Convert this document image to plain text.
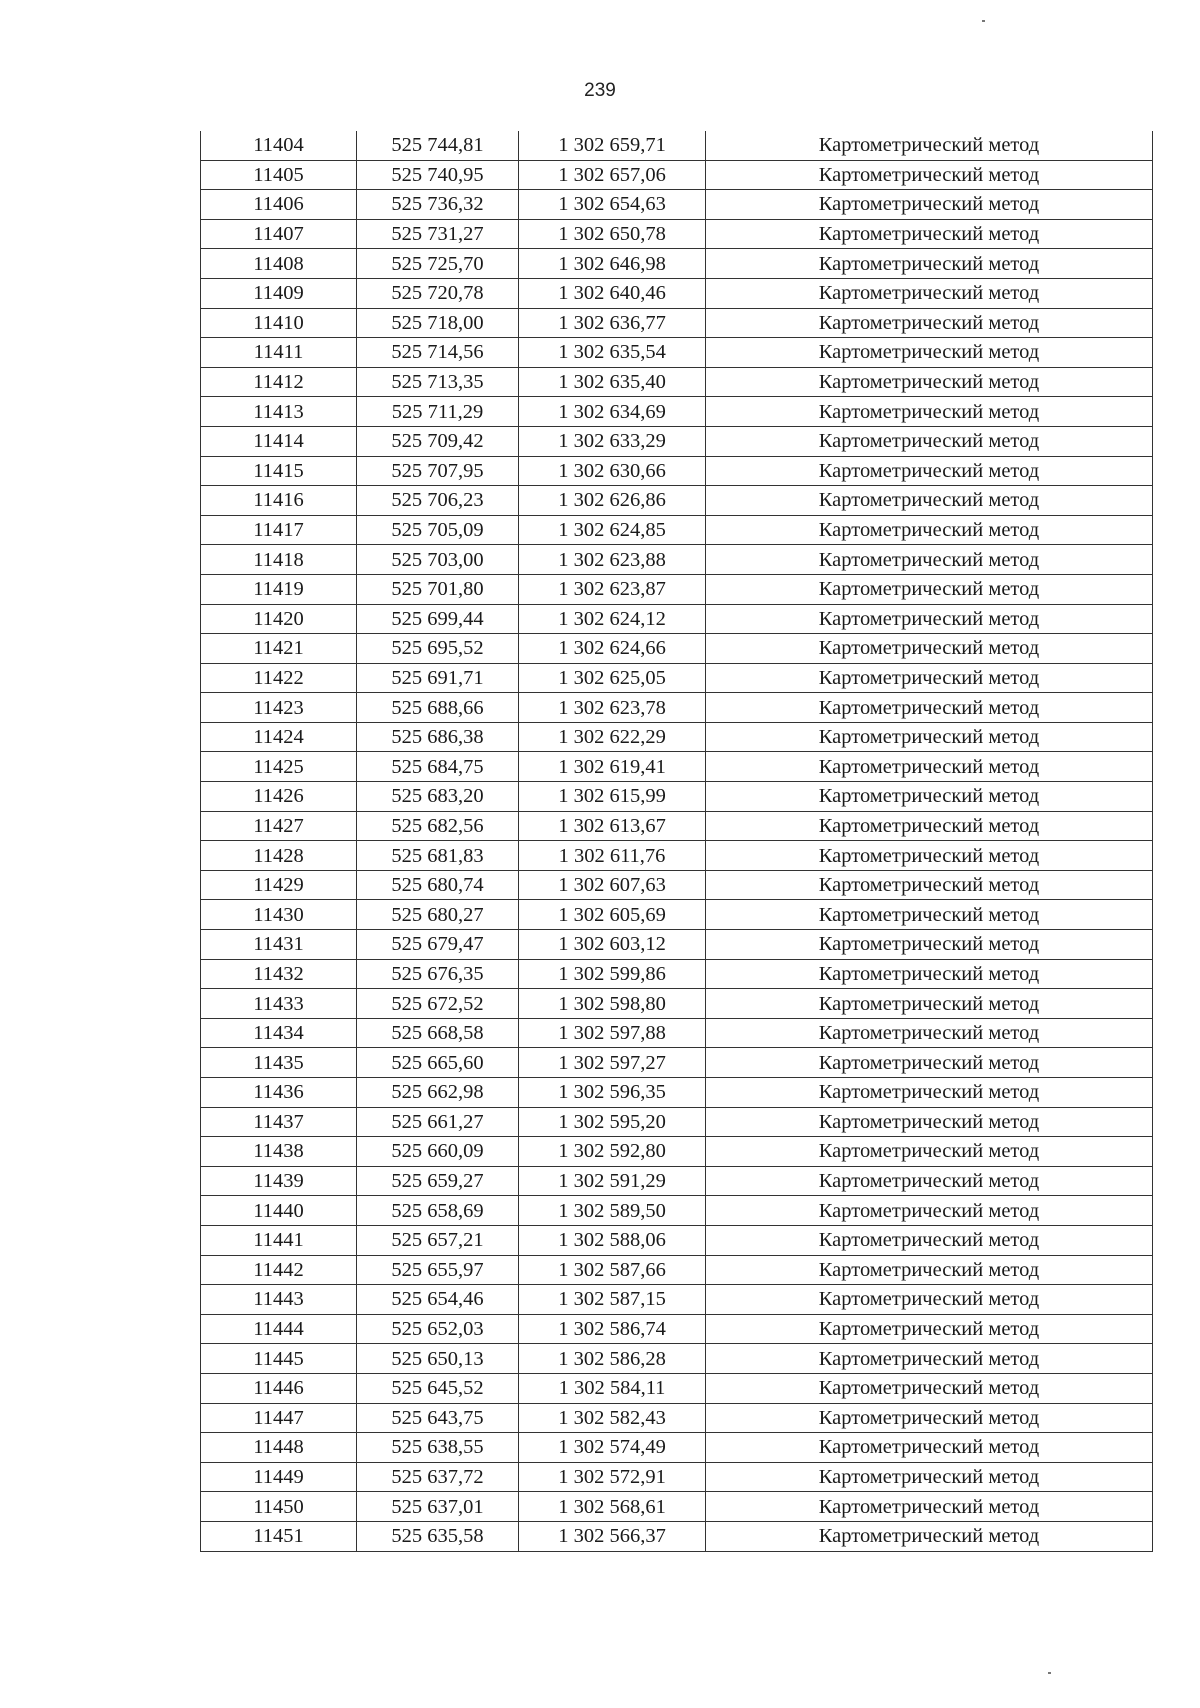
239
11404	525 744,81	1 302 659,71	Картометрический метод
11405	525 740,95	1 302 657,06	Картометрический метод
11406	525 736,32	1 302 654,63	Картометрический метод
11407	525 731,27	1 302 650,78	Картометрический метод
11408	525 725,70	1 302 646,98	Картометрический метод
11409	525 720,78	1 302 640,46	Картометрический метод
11410	525 718,00	1 302 636,77	Картометрический метод
11411	525 714,56	1 302 635,54	Картометрический метод
11412	525 713,35	1 302 635,40	Картометрический метод
11413	525 711,29	1 302 634,69	Картометрический метод
11414	525 709,42	1 302 633,29	Картометрический метод
11415	525 707,95	1 302 630,66	Картометрический метод
11416	525 706,23	1 302 626,86	Картометрический метод
11417	525 705,09	1 302 624,85	Картометрический метод
11418	525 703,00	1 302 623,88	Картометрический метод
11419	525 701,80	1 302 623,87	Картометрический метод
11420	525 699,44	1 302 624,12	Картометрический метод
11421	525 695,52	1 302 624,66	Картометрический метод
11422	525 691,71	1 302 625,05	Картометрический метод
11423	525 688,66	1 302 623,78	Картометрический метод
11424	525 686,38	1 302 622,29	Картометрический метод
11425	525 684,75	1 302 619,41	Картометрический метод
11426	525 683,20	1 302 615,99	Картометрический метод
11427	525 682,56	1 302 613,67	Картометрический метод
11428	525 681,83	1 302 611,76	Картометрический метод
11429	525 680,74	1 302 607,63	Картометрический метод
11430	525 680,27	1 302 605,69	Картометрический метод
11431	525 679,47	1 302 603,12	Картометрический метод
11432	525 676,35	1 302 599,86	Картометрический метод
11433	525 672,52	1 302 598,80	Картометрический метод
11434	525 668,58	1 302 597,88	Картометрический метод
11435	525 665,60	1 302 597,27	Картометрический метод
11436	525 662,98	1 302 596,35	Картометрический метод
11437	525 661,27	1 302 595,20	Картометрический метод
11438	525 660,09	1 302 592,80	Картометрический метод
11439	525 659,27	1 302 591,29	Картометрический метод
11440	525 658,69	1 302 589,50	Картометрический метод
11441	525 657,21	1 302 588,06	Картометрический метод
11442	525 655,97	1 302 587,66	Картометрический метод
11443	525 654,46	1 302 587,15	Картометрический метод
11444	525 652,03	1 302 586,74	Картометрический метод
11445	525 650,13	1 302 586,28	Картометрический метод
11446	525 645,52	1 302 584,11	Картометрический метод
11447	525 643,75	1 302 582,43	Картометрический метод
11448	525 638,55	1 302 574,49	Картометрический метод
11449	525 637,72	1 302 572,91	Картометрический метод
11450	525 637,01	1 302 568,61	Картометрический метод
11451	525 635,58	1 302 566,37	Картометрический метод
